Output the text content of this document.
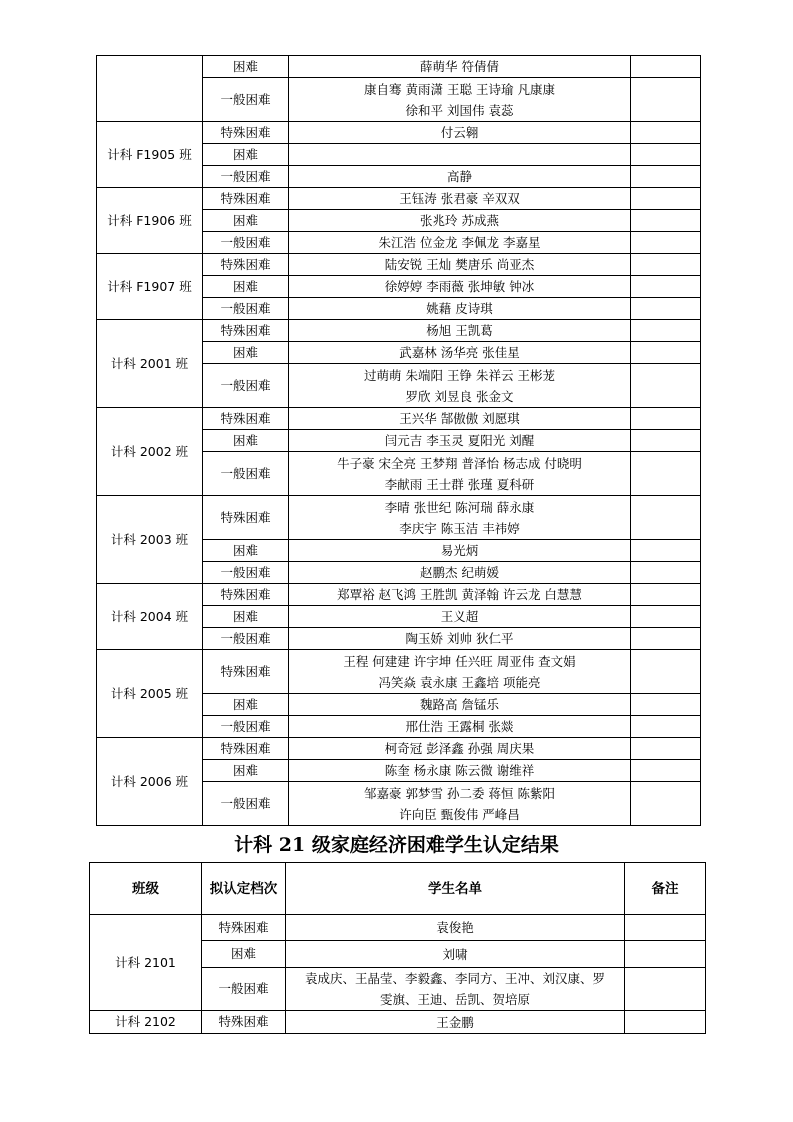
	困难	薛萌华 符倩倩	
	一般困难	康自骞 黄雨潇 王聪 王诗瑜 凡康康
徐和平 刘国伟 袁蕊	
计科 F1905 班	特殊困难	付云翱	
	困难		
	一般困难	高静	
计科 F1906 班	特殊困难	王钰涛 张君豪 辛双双	
	困难	张兆玲 苏成燕	
	一般困难	朱江浩 位金龙 李佩龙 李嘉星	
计科 F1907 班	特殊困难	陆安锐 王灿 樊唐乐 尚亚杰	
	困难	徐婷婷 李雨薇 张坤敏 钟冰	
	一般困难	姚藉 皮诗琪	
计科 2001 班	特殊困难	杨旭 王凯葛	
	困难	武嘉林 汤华亮 张佳星	
	一般困难	过萌萌 朱端阳 王铮 朱祥云 王彬茏
罗欣 刘昱良 张金文	
计科 2002 班	特殊困难	王兴华 郜傲傲 刘愿琪	
	困难	闫元吉 李玉灵 夏阳光 刘醒	
	一般困难	牛子豪 宋全亮 王梦翔 普泽怡 杨志成 付晓明
李献雨 王士群 张瑾 夏科研	
计科 2003 班	特殊困难	李晴 张世纪 陈河瑞 薛永康
李庆宇 陈玉洁 丰祎婷	
	困难	易光炳	
	一般困难	赵鹏杰 纪萌媛	
计科 2004 班	特殊困难	郑覃裕 赵飞鸿 王胜凯 黄泽翰 许云龙 白慧慧	
	困难	王义超	
	一般困难	陶玉娇 刘帅 狄仁平	
计科 2005 班	特殊困难	王程 何建建 许宇坤 任兴旺 周亚伟 查文娟
冯笑焱 袁永康 王鑫培 项能亮	
	困难	魏路高 詹锰乐	
	一般困难	邢仕浩 王露桐 张燚	
计科 2006 班	特殊困难	柯奇冠 彭泽鑫 孙强 周庆果	
	困难	陈奎 杨永康 陈云微 谢维祥	
	一般困难	邹嘉豪 郭梦雪 孙二委 蒋恒 陈紫阳
许向臣 甄俊伟 严峰昌	
计科 21 级家庭经济困难学生认定结果
班级	拟认定档次	学生名单	备注
计科 2101	特殊困难	袁俊艳	
	困难	刘啸	
	一般困难	袁成庆、王晶莹、李毅鑫、李同方、王冲、刘汉康、罗
雯旗、王迪、岳凯、贺培原	
计科 2102	特殊困难	王金鹏	
